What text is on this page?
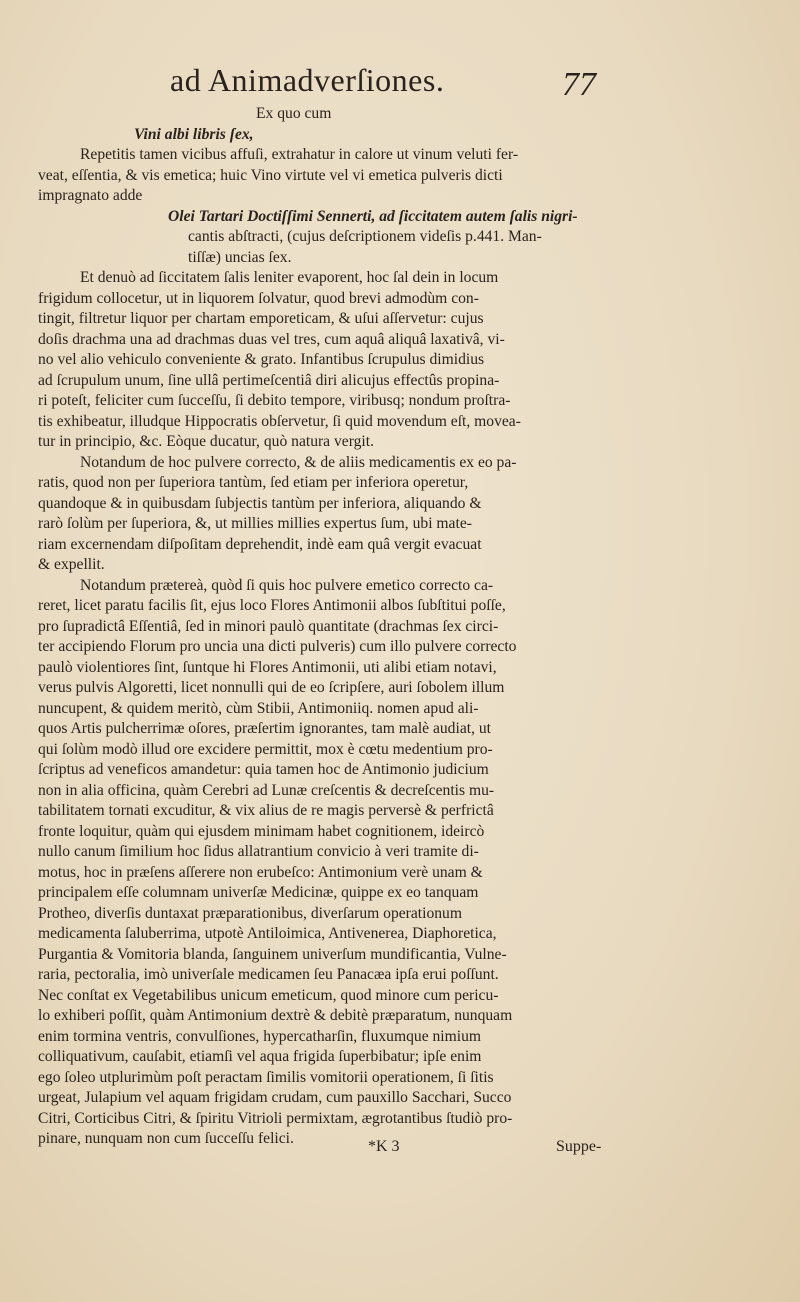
ad Animadverſiones.	77
Ex quo cum
Vini albi libris ſex,
Repetitis tamen vicibus affuſi, extrahatur in calore ut vinum veluti fer-
veat, eſſentia, & vis emetica; huic Vino virtute vel vi emetica pulveris dicti
impragnato adde
Olei Tartari Doctiſſimi Sennerti, ad ſiccitatem autem ſalis nigri-
cantis abſtracti, (cujus deſcriptionem videſis p.441. Man-
tiſſæ) uncias ſex.
Et denuò ad ſiccitatem ſalis leniter evaporent, hoc ſal dein in locum
frigidum collocetur, ut in liquorem ſolvatur, quod brevi admodùm con-
tingit, filtretur liquor per chartam emporeticam, & uſui aſſervetur: cujus
doſis drachma una ad drachmas duas vel tres, cum aquâ aliquâ laxativâ, vi-
no vel alio vehiculo conveniente & grato. Infantibus ſcrupulus dimidius
ad ſcrupulum unum, ſine ullâ pertimeſcentiâ diri alicujus effectûs propina-
ri poteſt, feliciter cum ſucceſſu, ſi debito tempore, viribusq; nondum proſtra-
tis exhibeatur, illudque Hippocratis obſervetur, ſi quid movendum eſt, movea-
tur in principio, &c. Eòque ducatur, quò natura vergit.
Notandum de hoc pulvere correcto, & de aliis medicamentis ex eo pa-
ratis, quod non per ſuperiora tantùm, ſed etiam per inferiora operetur,
quandoque & in quibusdam ſubjectis tantùm per inferiora, aliquando &
rarò ſolùm per ſuperiora, &, ut millies millies expertus ſum, ubi mate-
riam excernendam diſpoſitam deprehendit, indè eam quâ vergit evacuat
& expellit.
Notandum prætereà, quòd ſi quis hoc pulvere emetico correcto ca-
reret, licet paratu facilis ſit, ejus loco Flores Antimonii albos ſubſtitui poſſe,
pro ſupradictâ Eſſentiâ, ſed in minori paulò quantitate (drachmas ſex circi-
ter accipiendo Florum pro uncia una dicti pulveris) cum illo pulvere correcto
paulò violentiores ſint, ſuntque hi Flores Antimonii, uti alibi etiam notavi,
verus pulvis Algoretti, licet nonnulli qui de eo ſcripſere, auri ſobolem illum
nuncupent, & quidem meritò, cùm Stibii, Antimoniiq. nomen apud ali-
quos Artis pulcherrimæ oſores, præſertim ignorantes, tam malè audiat, ut
qui ſolùm modò illud ore excidere permittit, mox è cœtu medentium pro-
ſcriptus ad veneficos amandetur: quia tamen hoc de Antimonio judicium
non in alia officina, quàm Cerebri ad Lunæ creſcentis & decreſcentis mu-
tabilitatem tornati excuditur, & vix alius de re magis perversè & perfrictâ
fronte loquitur, quàm qui ejusdem minimam habet cognitionem, ideircò
nullo canum ſimilium hoc ſidus allatrantium convicio à veri tramite di-
motus, hoc in præſens aſſerere non erubeſco: Antimonium verè unam &
principalem eſſe columnam univerſæ Medicinæ, quippe ex eo tanquam
Protheo, diverſis duntaxat præparationibus, diverſarum operationum
medicamenta ſaluberrima, utpotè Antiloimica, Antivenerea, Diaphoretica,
Purgantia & Vomitoria blanda, ſanguinem univerſum mundificantia, Vulne-
raria, pectoralia, imò univerſale medicamen ſeu Panacæa ipſa erui poſſunt.
Nec conſtat ex Vegetabilibus unicum emeticum, quod minore cum pericu-
lo exhiberi poſſit, quàm Antimonium dextrè & debitè præparatum, nunquam
enim tormina ventris, convulſiones, hypercatharſin, fluxumque nimium
colliquativum, cauſabit, etiamſi vel aqua frigida ſuperbibatur; ipſe enim
ego ſoleo utplurimùm poſt peractam ſimilis vomitorii operationem, ſi ſitis
urgeat, Julapium vel aquam frigidam crudam, cum pauxillo Sacchari, Succo
Citri, Corticibus Citri, & ſpiritu Vitrioli permixtam, ægrotantibus ſtudiò pro-
pinare, nunquam non cum ſucceſſu felici.	*K 3	Suppe-
